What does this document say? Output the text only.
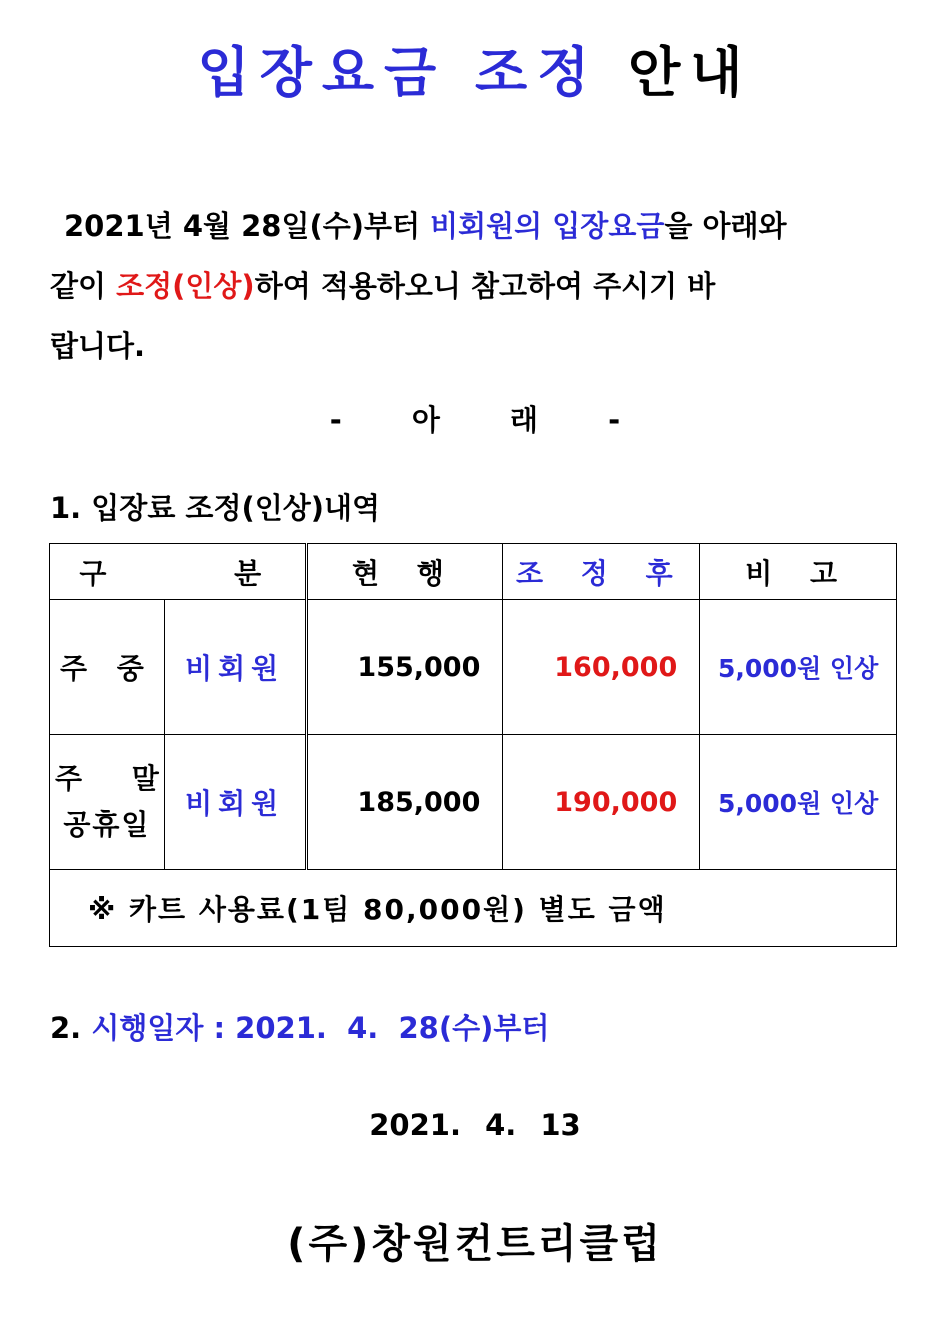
입장요금 조정 안내
2021년 4월 28일(수)부터 비회원의 입장요금을 아래와
같이 조정(인상)하여 적용하오니 참고하여 주시기 바
랍니다.
- 아 래 -
1. 입장료 조정(인상)내역
구 분		현 행	조 정 후	비 고
주 중	비회원	155,000	160,000	5,000원 인상

주 말
공휴일	비회원	185,000	190,000	5,000원 인상
※ 카트 사용료(1팀 80,000원) 별도 금액				
2. 시행일자 : 2021.  4.  28(수)부터
2021. 4. 13
(주)창원컨트리클럽
